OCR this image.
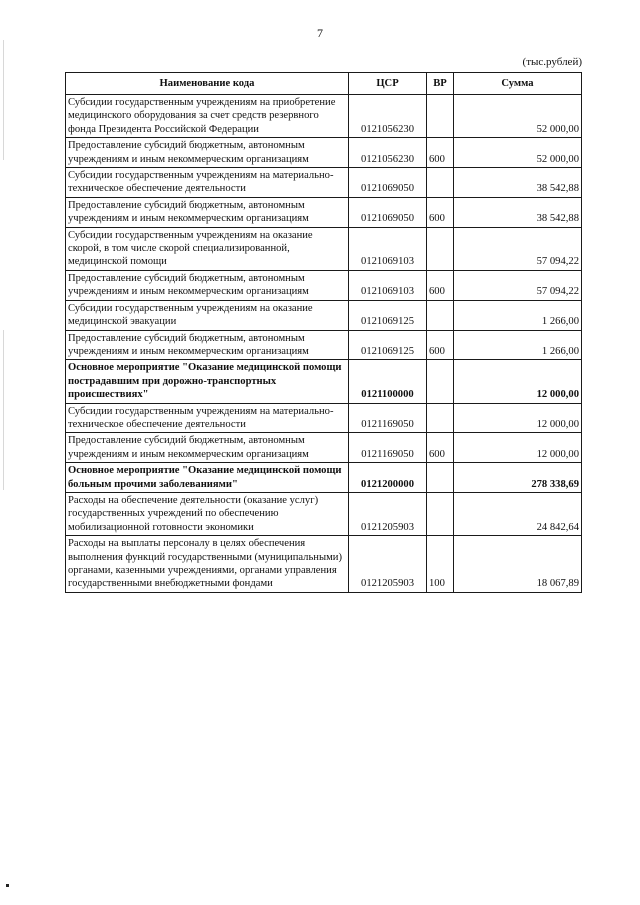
7
(тыс.рублей)
Наименование кода	ЦСР	ВР	Сумма
Субсидии государственным учреждениям на приобретение медицинского оборудования за счет средств резервного фонда Президента Российской Федерации	0121056230		52 000,00
Предоставление субсидий бюджетным, автономным учреждениям и иным некоммерческим организациям	0121056230	600	52 000,00
Субсидии государственным учреждениям на материально-техническое обеспечение деятельности	0121069050		38 542,88
Предоставление субсидий бюджетным, автономным учреждениям и иным некоммерческим организациям	0121069050	600	38 542,88
Субсидии государственным учреждениям на оказание скорой, в том числе скорой специализированной, медицинской помощи	0121069103		57 094,22
Предоставление субсидий бюджетным, автономным учреждениям и иным некоммерческим организациям	0121069103	600	57 094,22
Субсидии государственным учреждениям на оказание медицинской эвакуации	0121069125		1 266,00
Предоставление субсидий бюджетным, автономным учреждениям и иным некоммерческим организациям	0121069125	600	1 266,00
Основное мероприятие "Оказание медицинской помощи пострадавшим при дорожно-транспортных происшествиях"	0121100000		12 000,00
Субсидии государственным учреждениям на материально-техническое обеспечение деятельности	0121169050		12 000,00
Предоставление субсидий бюджетным, автономным учреждениям и иным некоммерческим организациям	0121169050	600	12 000,00
Основное мероприятие "Оказание медицинской помощи больным прочими заболеваниями"	0121200000		278 338,69
Расходы на обеспечение деятельности (оказание услуг) государственных учреждений по обеспечению мобилизационной готовности экономики	0121205903		24 842,64
Расходы на выплаты персоналу в целях обеспечения выполнения функций государственными (муниципальными) органами, казенными учреждениями, органами управления государственными внебюджетными фондами	0121205903	100	18 067,89
